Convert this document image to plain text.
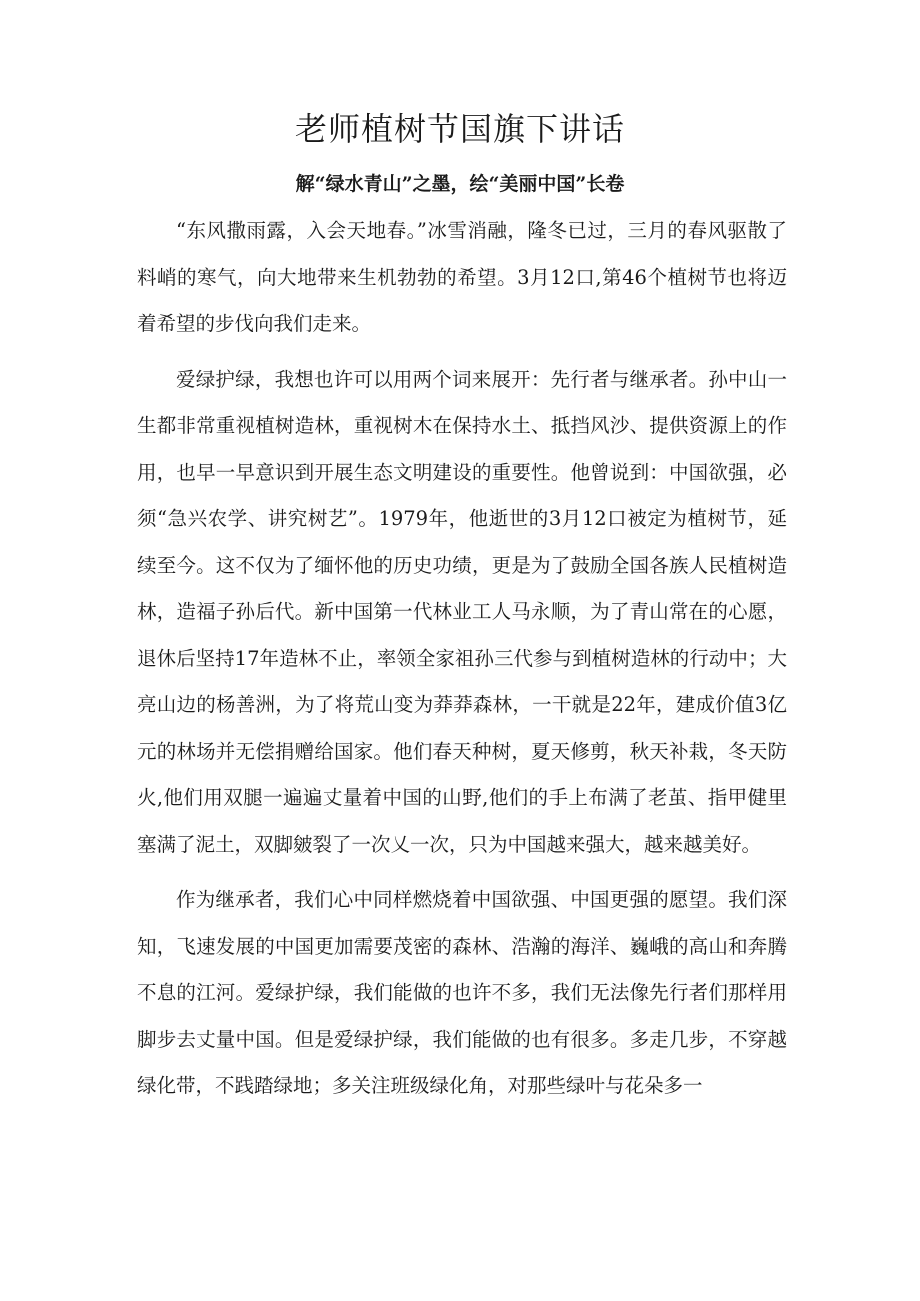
老师植树节国旗下讲话
解“绿水青山”之墨，绘“美丽中国”长卷

“东风撒雨露，入会天地春。”冰雪消融，隆冬已过，三月的春风驱散了料峭的寒气，向大地带来生机勃勃的希望。3月12口,第46个植树节也将迈着希望的步伐向我们走来。

爱绿护绿，我想也许可以用两个词来展开：先行者与继承者。孙中山一生都非常重视植树造林，重视树木在保持水土、抵挡风沙、提供资源上的作用，也早一早意识到开展生态文明建设的重要性。他曾说到：中国欲强，必须“急兴农学、讲究树艺”。1979年，他逝世的3月12口被定为植树节，延续至今。这不仅为了缅怀他的历史功绩，更是为了鼓励全国各族人民植树造林，造福子孙后代。新中国第一代林业工人马永顺，为了青山常在的心愿，退休后坚持17年造林不止，率领全家祖孙三代参与到植树造林的行动中；大亮山边的杨善洲，为了将荒山变为莽莽森林，一干就是22年，建成价值3亿元的林场并无偿捐赠给国家。他们春天种树，夏天修剪，秋天补栽，冬天防火,他们用双腿一遍遍丈量着中国的山野,他们的手上布满了老茧、指甲健里塞满了泥土，双脚皴裂了一次乂一次，只为中国越来强大，越来越美好。

作为继承者，我们心中同样燃烧着中国欲强、中国更强的愿望。我们深知，飞速发展的中国更加需要茂密的森林、浩瀚的海洋、巍峨的高山和奔腾不息的江河。爱绿护绿，我们能做的也许不多，我们无法像先行者们那样用脚步去丈量中国。但是爱绿护绿，我们能做的也有很多。多走几步，不穿越绿化带，不践踏绿地；多关注班级绿化角，对那些绿叶与花朵多一
